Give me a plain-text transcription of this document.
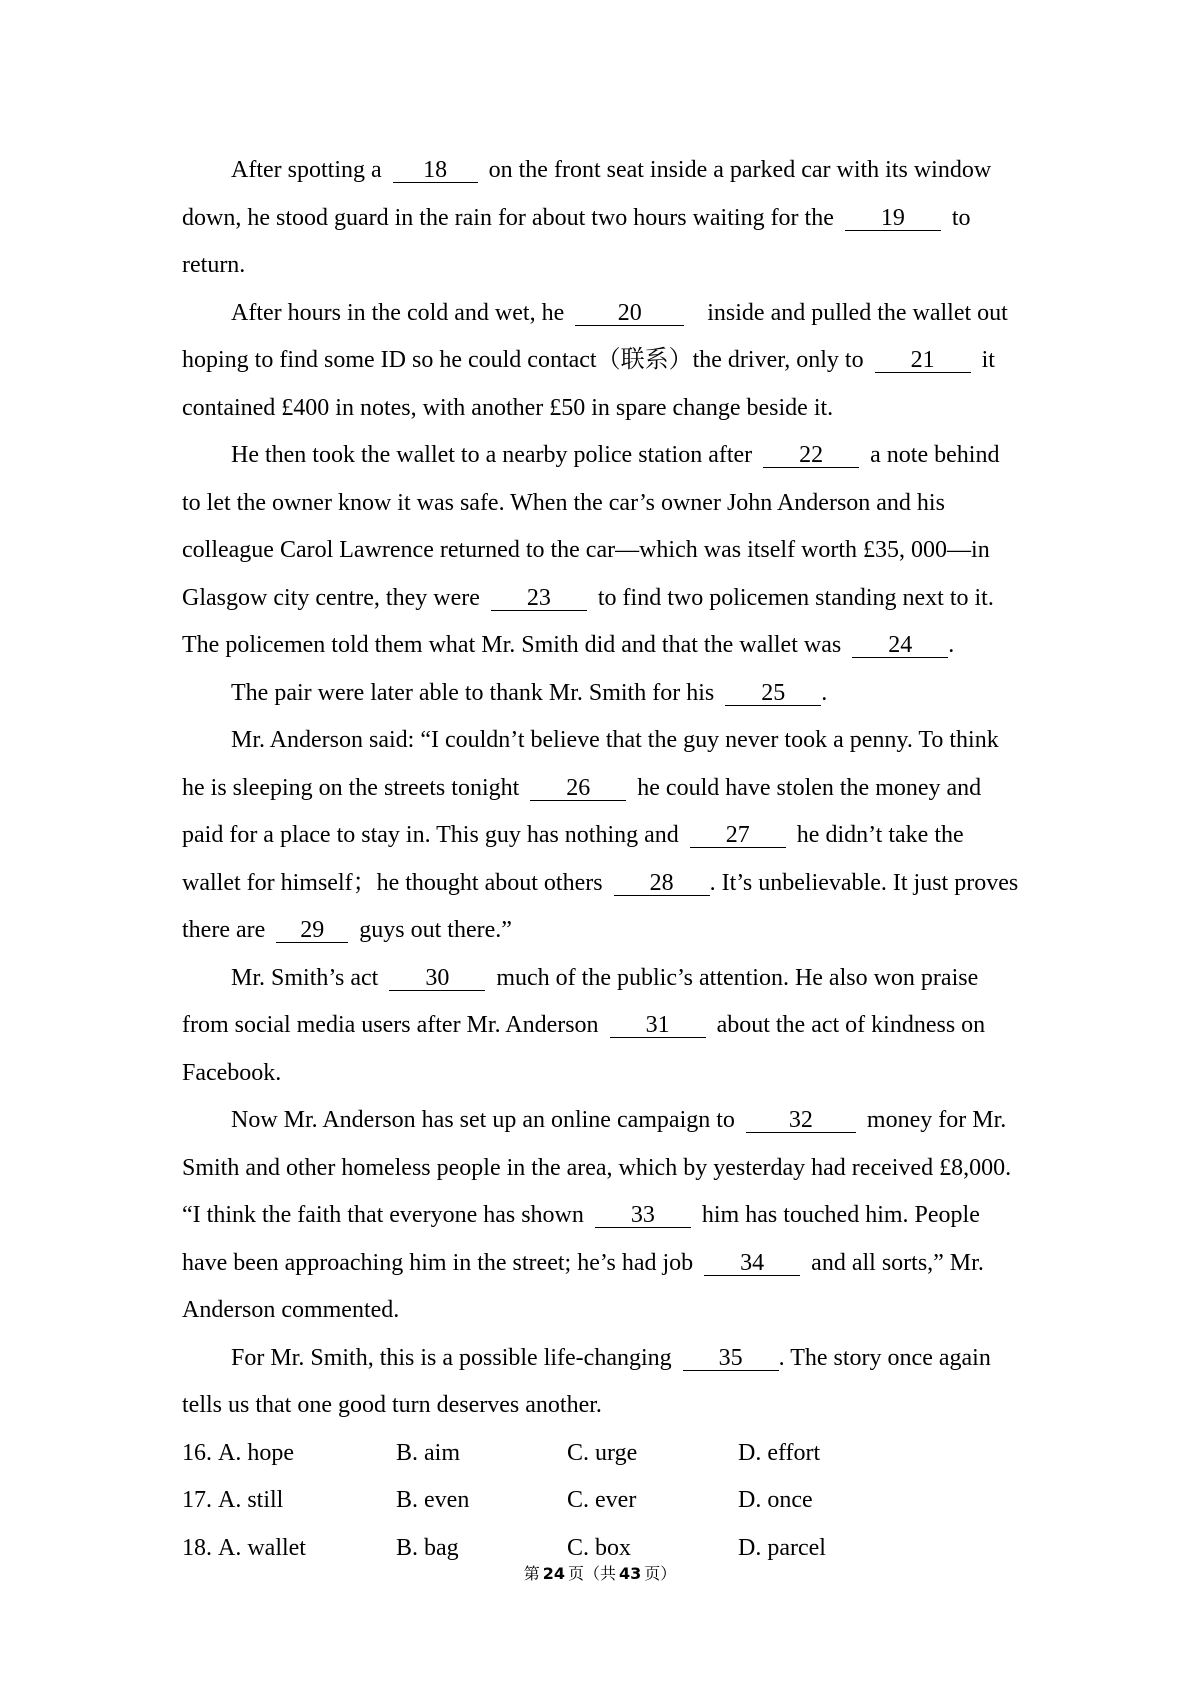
After spotting a 18 on the front seat inside a parked car with its window
down, he stood guard in the rain for about two hours waiting for the 19 to
return.
After hours in the cold and wet, he 20 inside and pulled the wallet out
hoping to find some ID so he could contact（联系）the driver, only to 21 it
contained £400 in notes, with another £50 in spare change beside it.
He then took the wallet to a nearby police station after 22 a note behind
to let the owner know it was safe. When the car’s owner John Anderson and his
colleague Carol Lawrence returned to the car—which was itself worth £35, 000—in
Glasgow city centre, they were 23 to find two policemen standing next to it.
The policemen told them what Mr. Smith did and that the wallet was 24 .
The pair were later able to thank Mr. Smith for his 25 .
Mr. Anderson said: “I couldn’t believe that the guy never took a penny. To think
he is sleeping on the streets tonight 26 he could have stolen the money and
paid for a place to stay in. This guy has nothing and 27 he didn’t take the
wallet for himself；he thought about others 28 . It’s unbelievable. It just proves
there are 29 guys out there.”
Mr. Smith’s act 30 much of the public’s attention. He also won praise
from social media users after Mr. Anderson 31 about the act of kindness on
Facebook.
Now Mr. Anderson has set up an online campaign to 32 money for Mr.
Smith and other homeless people in the area, which by yesterday had received £8,000.
“I think the faith that everyone has shown 33 him has touched him. People
have been approaching him in the street; he’s had job 34 and all sorts,” Mr.
Anderson commented.
For Mr. Smith, this is a possible life-changing 35 . The story once again
tells us that one good turn deserves another.
16. A. hope	B. aim	C. urge	D. effort
17. A. still	B. even	C. ever	D. once
18. A. wallet	B. bag	C. box	D. parcel
第 24 页（共 43 页）
